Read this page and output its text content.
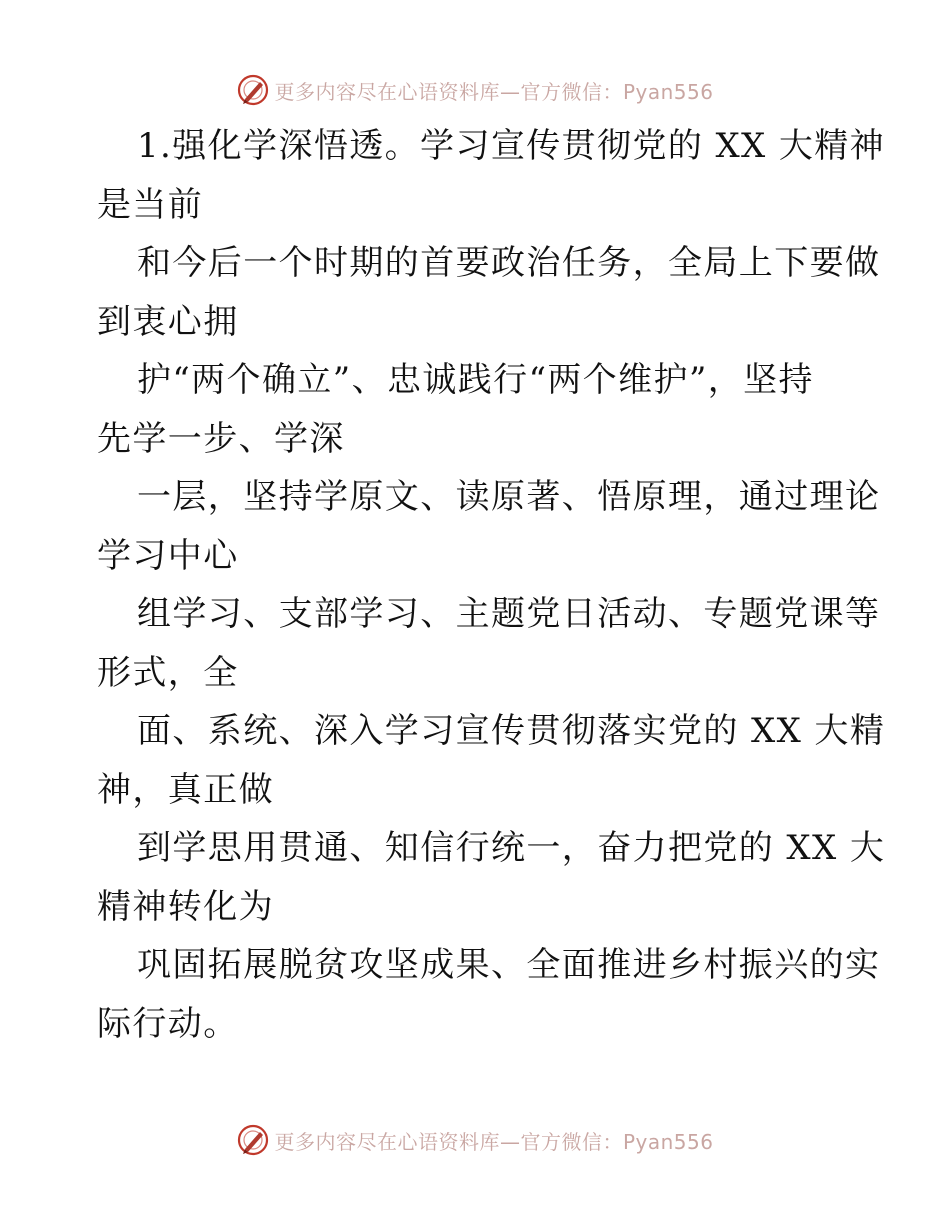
更多内容尽在心语资料库—官方微信：Pyan556
1.强化学深悟透。学习宣传贯彻党的 XX 大精神
是当前
和今后一个时期的首要政治任务，全局上下要做
到衷心拥
护“两个确立”、忠诚践行“两个维护”，坚持
先学一步、学深
一层，坚持学原文、读原著、悟原理，通过理论
学习中心
组学习、支部学习、主题党日活动、专题党课等
形式，全
面、系统、深入学习宣传贯彻落实党的 XX 大精
神，真正做
到学思用贯通、知信行统一，奋力把党的 XX 大
精神转化为
巩固拓展脱贫攻坚成果、全面推进乡村振兴的实
际行动。
更多内容尽在心语资料库—官方微信：Pyan556
